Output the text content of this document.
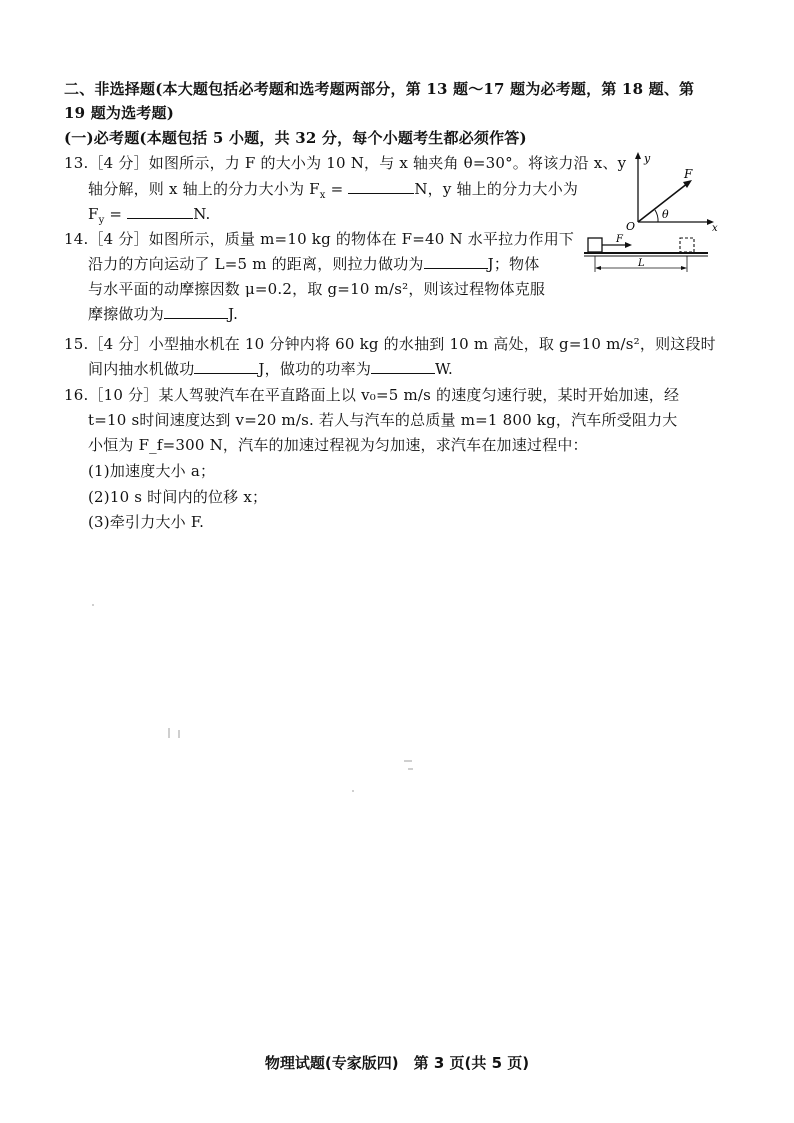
二、非选择题(本大题包括必考题和选考题两部分，第 13 题～17 题为必考题，第 18 题、第
19 题为选考题)
(一)必考题(本题包括 5 小题，共 32 分，每个小题考生都必须作答)
13.［4 分］如图所示，力 F 的大小为 10 N，与 x 轴夹角 θ=30°。将该力沿 x、y
轴分解，则 x 轴上的分力大小为 $F_x$ =	N，y 轴上的分力大小为
$F_y$ =	N.
y
F
O
θ
x
14.［4 分］如图所示，质量 m=10 kg 的物体在 F=40 N 水平拉力作用下
沿力的方向运动了 L=5 m 的距离，则拉力做功为	J；物体
与水平面的动摩擦因数 μ=0.2，取 g=10 m/s²，则该过程物体克服
摩擦做功为	J.
F
L
15.［4 分］小型抽水机在 10 分钟内将 60 kg 的水抽到 10 m 高处，取 g=10 m/s²，则这段时
间内抽水机做功	J，做功的功率为	W.
16.［10 分］某人驾驶汽车在平直路面上以 v₀=5 m/s 的速度匀速行驶，某时开始加速，经
t=10 s时间速度达到 v=20 m/s. 若人与汽车的总质量 m=1 800 kg，汽车所受阻力大
小恒为 F_f=300 N，汽车的加速过程视为匀加速，求汽车在加速过程中：
(1)加速度大小 a；
(2)10 s 时间内的位移 x；
(3)牵引力大小 F.
物理试题(专家版四)　第 3 页(共 5 页)
